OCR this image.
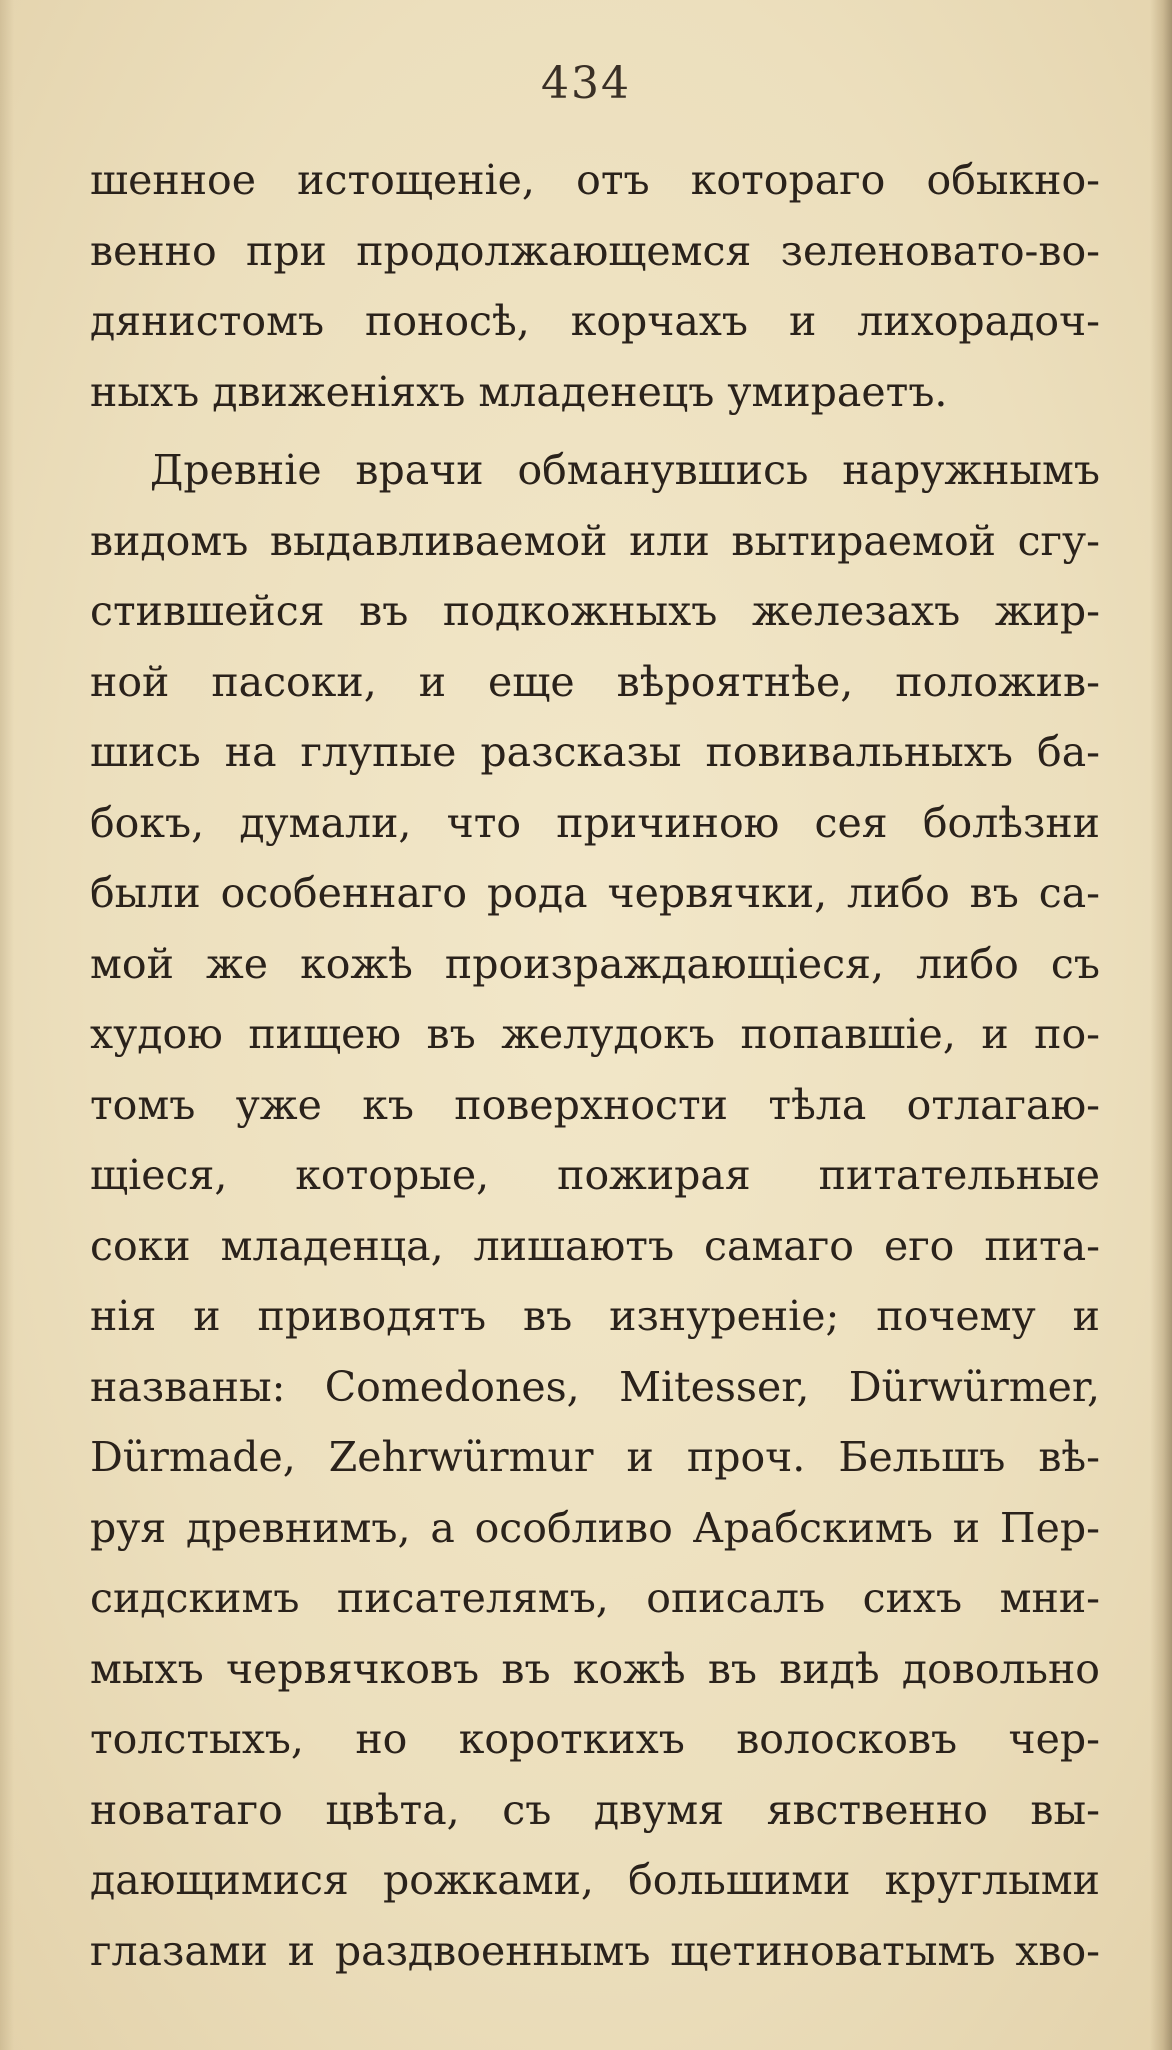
434
шенное истощеніе, отъ котораго обыкно-
венно при продолжающемся зеленовато-во-
дянистомъ поносѣ, корчахъ и лихорадоч-
ныхъ движеніяхъ младенецъ умираетъ.
Древніе врачи обманувшись наружнымъ
видомъ выдавливаемой или вытираемой сгу-
стившейся въ подкожныхъ железахъ жир-
ной пасоки, и еще вѣроятнѣе, положив-
шись на глупые разсказы повивальныхъ ба-
бокъ, думали, что причиною сея болѣзни
были особеннаго рода червячки, либо въ са-
мой же кожѣ произраждающіеся, либо съ
худою пищею въ желудокъ попавшіе, и по-
томъ уже къ поверхности тѣла отлагаю-
щіеся, которые, пожирая питательные
соки младенца, лишаютъ самаго его пита-
нія и приводятъ въ изнуреніе; почему и
названы: Comedones, Mitesser, Dürwürmer,
Dürmade, Zehrwürmur и проч. Бельшъ вѣ-
руя древнимъ, а особливо Арабскимъ и Пер-
сидскимъ писателямъ, описалъ сихъ мни-
мыхъ червячковъ въ кожѣ въ видѣ довольно
толстыхъ, но короткихъ волосковъ чер-
новатаго цвѣта, съ двумя явственно вы-
дающимися рожками, большими круглыми
глазами и раздвоеннымъ щетиноватымъ хво-
